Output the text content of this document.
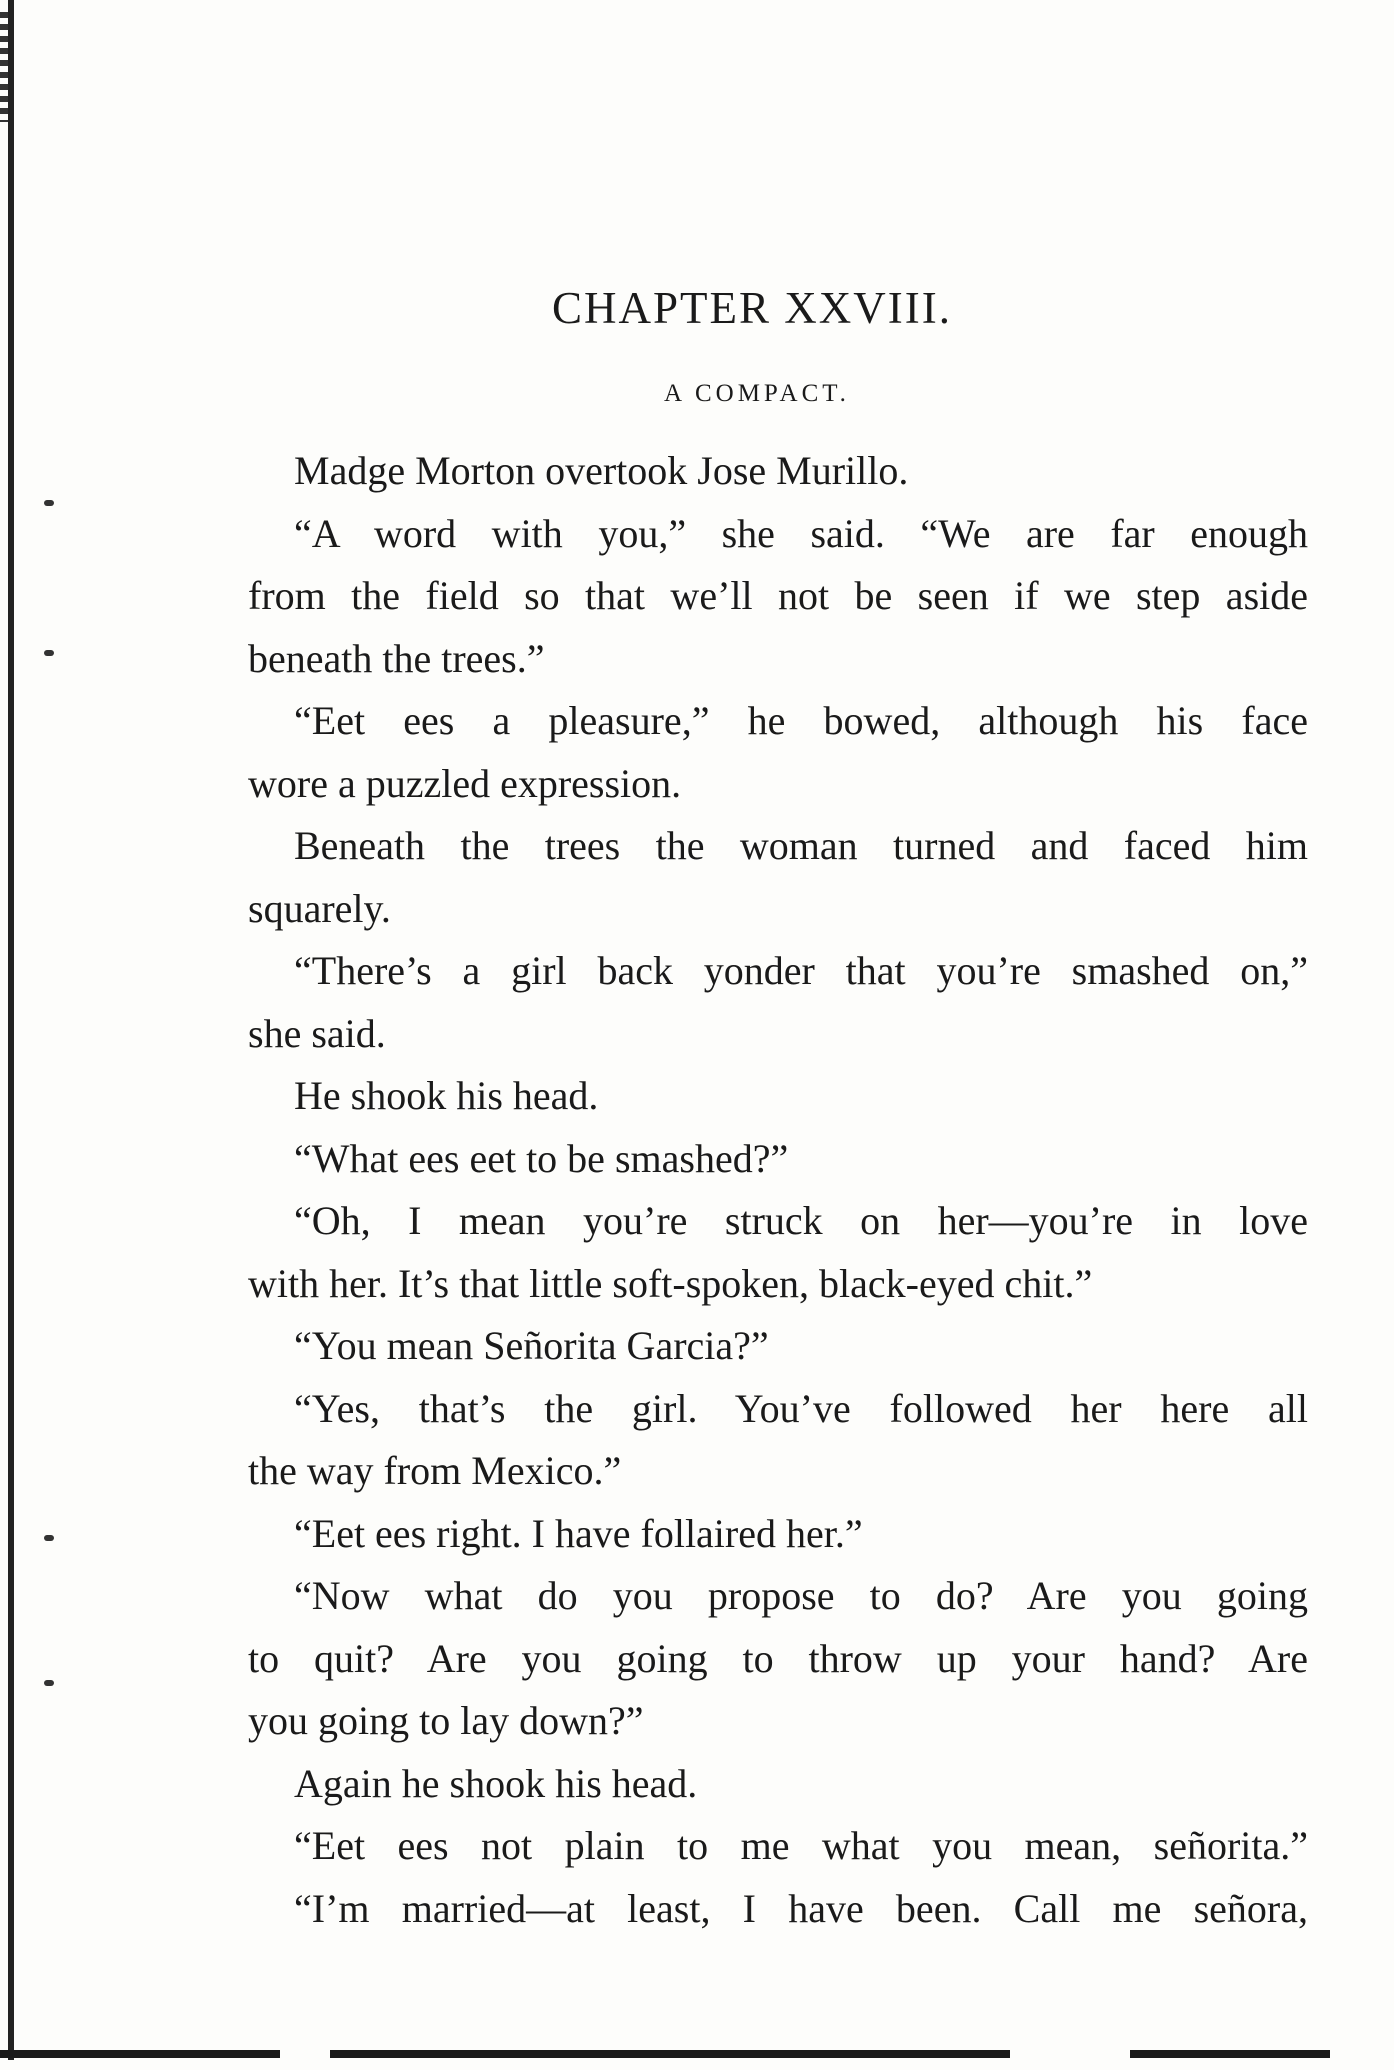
CHAPTER XXVIII.
A COMPACT.
Madge Morton overtook Jose Murillo.
“A word with you,” she said. “We are far enough
from the field so that we’ll not be seen if we step aside
beneath the trees.”
“Eet ees a pleasure,” he bowed, although his face
wore a puzzled expression.
Beneath the trees the woman turned and faced him
squarely.
“There’s a girl back yonder that you’re smashed on,”
she said.
He shook his head.
“What ees eet to be smashed?”
“Oh, I mean you’re struck on her—you’re in love
with her. It’s that little soft-spoken, black-eyed chit.”
“You mean Señorita Garcia?”
“Yes, that’s the girl. You’ve followed her here all
the way from Mexico.”
“Eet ees right. I have follaired her.”
“Now what do you propose to do? Are you going
to quit? Are you going to throw up your hand? Are
you going to lay down?”
Again he shook his head.
“Eet ees not plain to me what you mean, señorita.”
“I’m married—at least, I have been. Call me señora,
